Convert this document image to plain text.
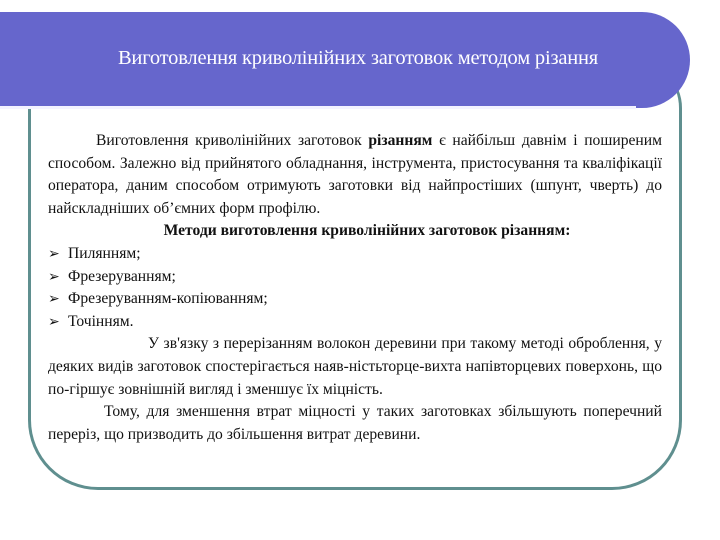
Виготовлення криволінійних заготовок методом різання

Виготовлення криволінійних заготовок різанням є найбільш давнім і поширеним способом. Залежно від прийнятого обладнання, інструмента, пристосування та кваліфікації оператора, даним способом отримують заготовки від найпростіших (шпунт, чверть) до найскладніших об’ємних форм профілю.

Методи виготовлення криволінійних заготовок різанням:

➢ Пилянням;
➢ Фрезеруванням;
➢ Фрезеруванням-копіюванням;
➢ Точінням.

У зв'язку з перерізанням волокон деревини при такому методі оброблення, у деяких видів заготовок спостерігається наяв-ністьторце-вихта напівторцевих поверхонь, що по-гіршує зовнішній вигляд і зменшує їх міцність.

Тому, для зменшення втрат міцності у таких заготовках збільшують поперечний переріз, що призводить до збільшення витрат деревини.
